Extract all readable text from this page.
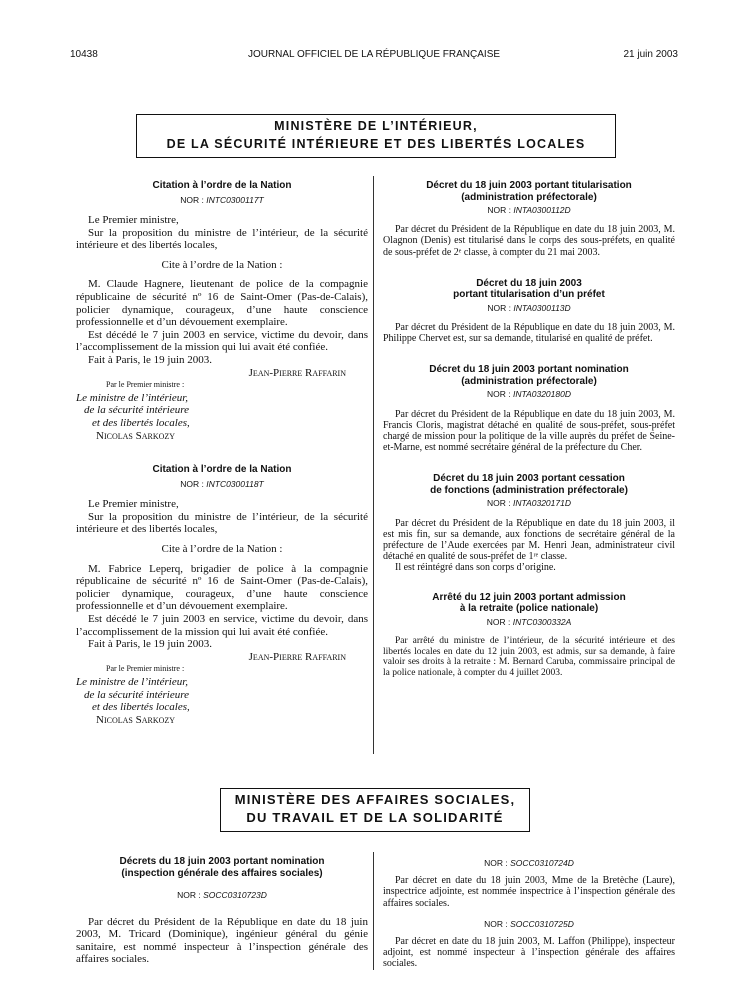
10438	JOURNAL OFFICIEL DE LA RÉPUBLIQUE FRANÇAISE	21 juin 2003
MINISTÈRE DE L’INTÉRIEUR,
DE LA SÉCURITÉ INTÉRIEURE ET DES LIBERTÉS LOCALES
Citation à l’ordre de la Nation
NOR : INTC0300117T

Le Premier ministre,

Sur la proposition du ministre de l’intérieur, de la sécurité intérieure et des libertés locales,

Cite à l’ordre de la Nation :

M. Claude Hagnere, lieutenant de police de la compagnie républicaine de sécurité nº 16 de Saint-Omer (Pas-de-Calais), policier dynamique, courageux, d’une haute conscience professionnelle et d’un dévouement exemplaire.

Est décédé le 7 juin 2003 en service, victime du devoir, dans l’accomplissement de la mission qui lui avait été confiée.

Fait à Paris, le 19 juin 2003.

Jean-Pierre Raffarin
Par le Premier ministre :
Le ministre de l’intérieur,
de la sécurité intérieure
et des libertés locales,
Nicolas Sarkozy
Citation à l’ordre de la Nation
NOR : INTC0300118T

Le Premier ministre,

Sur la proposition du ministre de l’intérieur, de la sécurité intérieure et des libertés locales,

Cite à l’ordre de la Nation :

M. Fabrice Leperq, brigadier de police à la compagnie républicaine de sécurité nº 16 de Saint-Omer (Pas-de-Calais), policier dynamique, courageux, d’une haute conscience professionnelle et d’un dévouement exemplaire.

Est décédé le 7 juin 2003 en service, victime du devoir, dans l’accomplissement de la mission qui lui avait été confiée.

Fait à Paris, le 19 juin 2003.

Jean-Pierre Raffarin
Par le Premier ministre :
Le ministre de l’intérieur,
de la sécurité intérieure
et des libertés locales,
Nicolas Sarkozy
Décret du 18 juin 2003 portant titularisation
(administration préfectorale)
NOR : INTA0300112D

Par décret du Président de la République en date du 18 juin 2003, M. Olagnon (Denis) est titularisé dans le corps des sous-préfets, en qualité de sous-préfet de 2ᵉ classe, à compter du 21 mai 2003.

Décret du 18 juin 2003
portant titularisation d’un préfet
NOR : INTA0300113D

Par décret du Président de la République en date du 18 juin 2003, M. Philippe Chervet est, sur sa demande, titularisé en qualité de préfet.

Décret du 18 juin 2003 portant nomination
(administration préfectorale)
NOR : INTA0320180D

Par décret du Président de la République en date du 18 juin 2003, M. Francis Cloris, magistrat détaché en qualité de sous-préfet, sous-préfet chargé de mission pour la politique de la ville auprès du préfet de Seine-et-Marne, est nommé secrétaire général de la préfecture du Cher.

Décret du 18 juin 2003 portant cessation
de fonctions (administration préfectorale)
NOR : INTA0320171D

Par décret du Président de la République en date du 18 juin 2003, il est mis fin, sur sa demande, aux fonctions de secrétaire général de la préfecture de l’Aude exercées par M. Henri Jean, administrateur civil détaché en qualité de sous-préfet de 1ʳᵉ classe.

Il est réintégré dans son corps d’origine.

Arrêté du 12 juin 2003 portant admission
à la retraite (police nationale)
NOR : INTC0300332A

Par arrêté du ministre de l’intérieur, de la sécurité intérieure et des libertés locales en date du 12 juin 2003, est admis, sur sa demande, à faire valoir ses droits à la retraite : M. Bernard Caruba, commissaire principal de la police nationale, à compter du 4 juillet 2003.

MINISTÈRE DES AFFAIRES SOCIALES,
DU TRAVAIL ET DE LA SOLIDARITÉ
Décrets du 18 juin 2003 portant nomination
(inspection générale des affaires sociales)
NOR : SOCC0310723D

Par décret du Président de la République en date du 18 juin 2003, M. Tricard (Dominique), ingénieur général du génie sanitaire, est nommé inspecteur à l’inspection générale des affaires sociales.

NOR : SOCC0310724D

Par décret en date du 18 juin 2003, Mme de la Bretèche (Laure), inspectrice adjointe, est nommée inspectrice à l’inspection générale des affaires sociales.

NOR : SOCC0310725D

Par décret en date du 18 juin 2003, M. Laffon (Philippe), inspecteur adjoint, est nommé inspecteur à l’inspection générale des affaires sociales.
